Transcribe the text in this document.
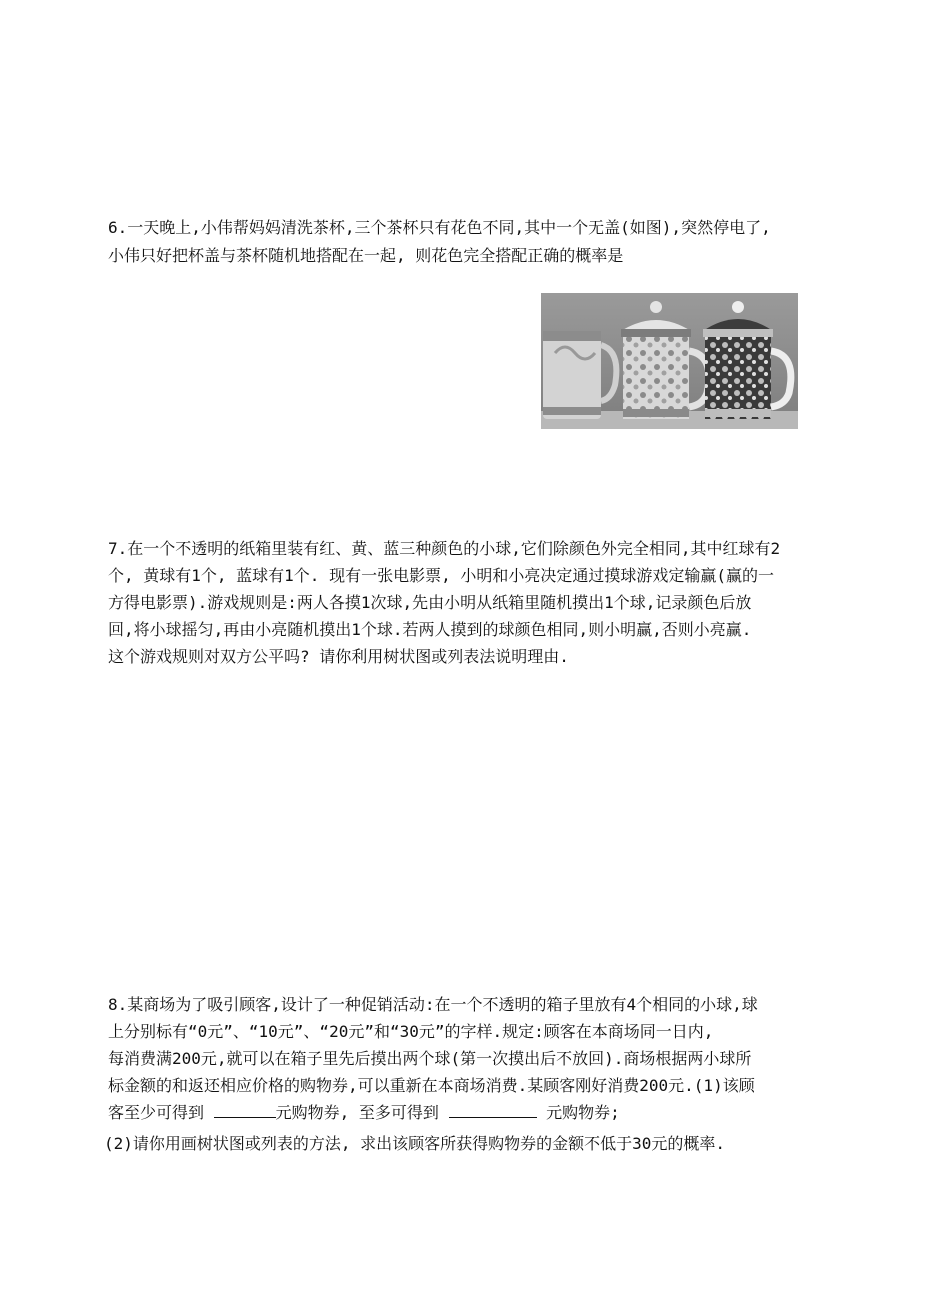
6.一天晚上,小伟帮妈妈清洗茶杯,三个茶杯只有花色不同,其中一个无盖(如图),突然停电了,
小伟只好把杯盖与茶杯随机地搭配在一起, 则花色完全搭配正确的概率是
7.在一个不透明的纸箱里装有红、黄、蓝三种颜色的小球,它们除颜色外完全相同,其中红球有2
个, 黄球有1个, 蓝球有1个. 现有一张电影票, 小明和小亮决定通过摸球游戏定输赢(赢的一
方得电影票).游戏规则是:两人各摸1次球,先由小明从纸箱里随机摸出1个球,记录颜色后放
回,将小球摇匀,再由小亮随机摸出1个球.若两人摸到的球颜色相同,则小明赢,否则小亮赢.
这个游戏规则对双方公平吗? 请你利用树状图或列表法说明理由.
8.某商场为了吸引顾客,设计了一种促销活动:在一个不透明的箱子里放有4个相同的小球,球
上分别标有“0元”、“10元”、“20元”和“30元”的字样.规定:顾客在本商场同一日内,
每消费满200元,就可以在箱子里先后摸出两个球(第一次摸出后不放回).商场根据两小球所
标金额的和返还相应价格的购物券,可以重新在本商场消费.某顾客刚好消费200元.(1)该顾
客至少可得到	元购物券, 至多可得到	元购物券;
(2)请你用画树状图或列表的方法, 求出该顾客所获得购物券的金额不低于30元的概率.
